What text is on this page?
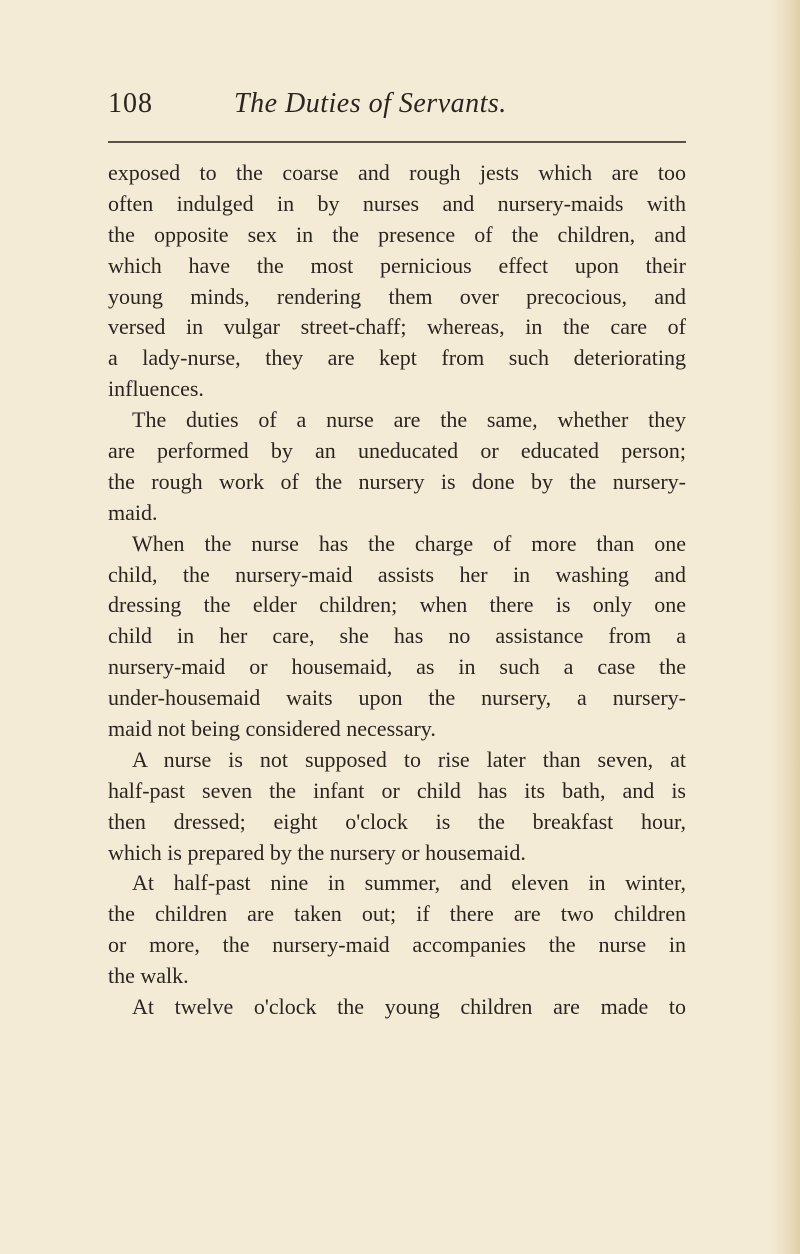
108	The Duties of Servants.
exposed to the coarse and rough jests which are too
often indulged in by nurses and nursery-maids with
the opposite sex in the presence of the children, and
which have the most pernicious effect upon their
young minds, rendering them over precocious, and
versed in vulgar street-chaff; whereas, in the care of
a lady-nurse, they are kept from such deteriorating
influences.
The duties of a nurse are the same, whether they
are performed by an uneducated or educated person;
the rough work of the nursery is done by the nursery-
maid.
When the nurse has the charge of more than one
child, the nursery-maid assists her in washing and
dressing the elder children; when there is only one
child in her care, she has no assistance from a
nursery-maid or housemaid, as in such a case the
under-housemaid waits upon the nursery, a nursery-
maid not being considered necessary.
A nurse is not supposed to rise later than seven, at
half-past seven the infant or child has its bath, and is
then dressed; eight o'clock is the breakfast hour,
which is prepared by the nursery or housemaid.
At half-past nine in summer, and eleven in winter,
the children are taken out; if there are two children
or more, the nursery-maid accompanies the nurse in
the walk.
At twelve o'clock the young children are made to
